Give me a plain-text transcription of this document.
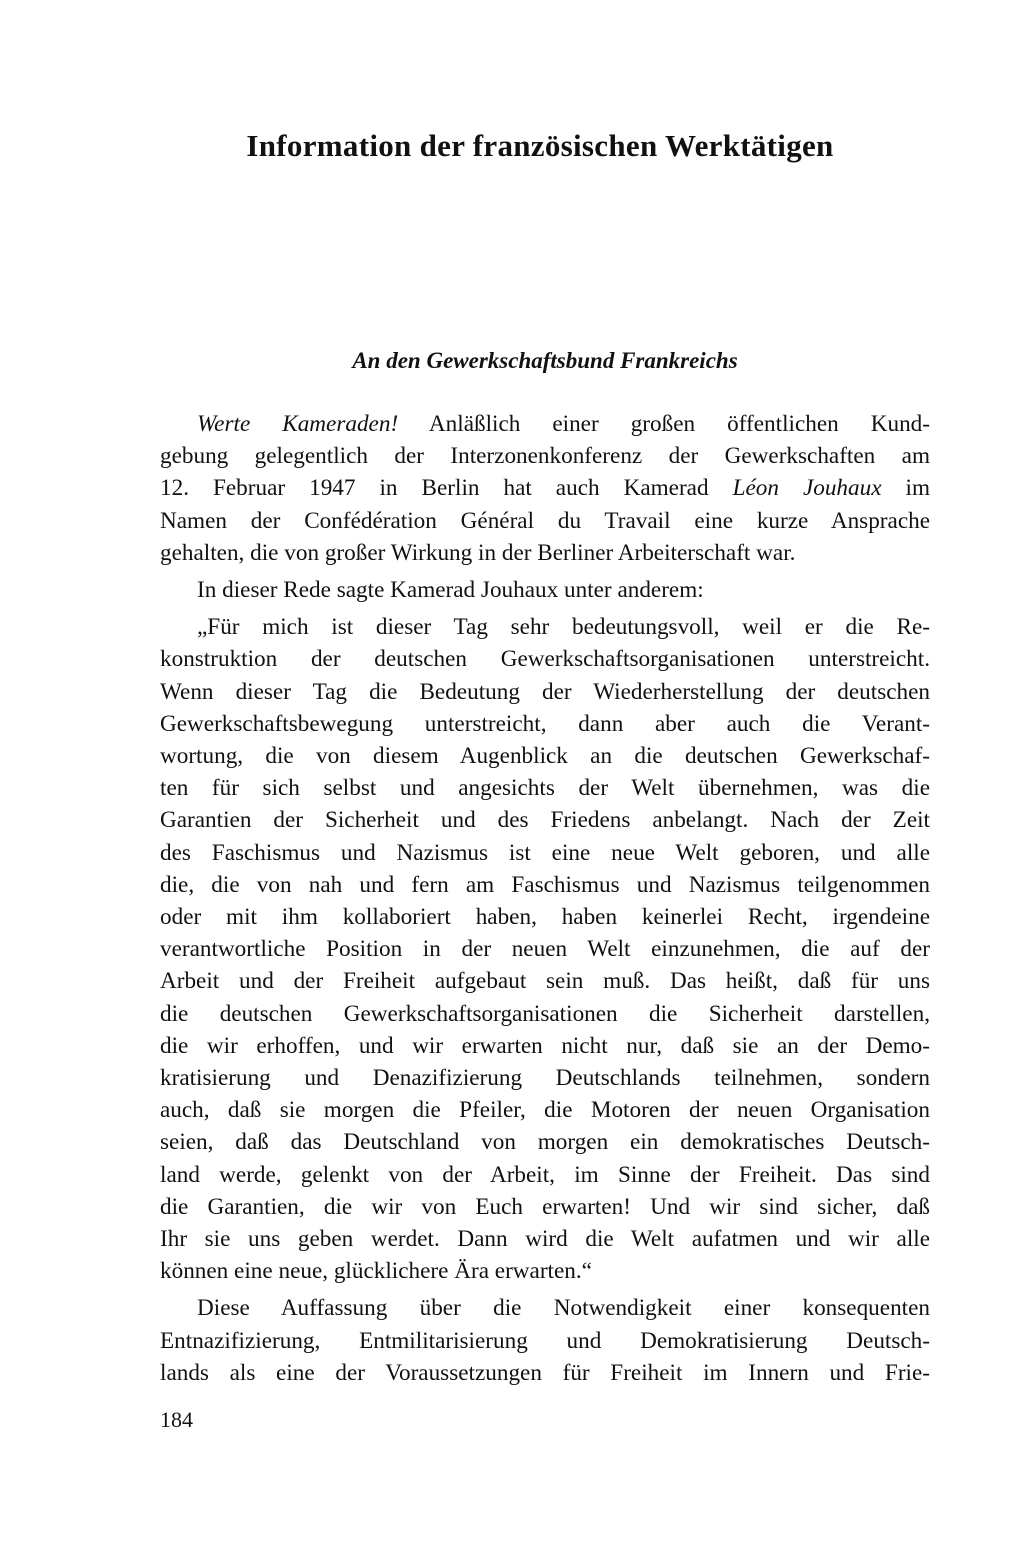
Information der französischen Werktätigen
An den Gewerkschaftsbund Frankreichs

Werte Kameraden! Anläßlich einer großen öffentlichen Kund-
gebung gelegentlich der Interzonenkonferenz der Gewerkschaften am
12. Februar 1947 in Berlin hat auch Kamerad Léon Jouhaux im
Namen der Confédération Général du Travail eine kurze Ansprache
gehalten, die von großer Wirkung in der Berliner Arbeiterschaft war.

In dieser Rede sagte Kamerad Jouhaux unter anderem:

„Für mich ist dieser Tag sehr bedeutungsvoll, weil er die Re-
konstruktion der deutschen Gewerkschaftsorganisationen unterstreicht.
Wenn dieser Tag die Bedeutung der Wiederherstellung der deutschen
Gewerkschaftsbewegung unterstreicht, dann aber auch die Verant-
wortung, die von diesem Augenblick an die deutschen Gewerkschaf-
ten für sich selbst und angesichts der Welt übernehmen, was die
Garantien der Sicherheit und des Friedens anbelangt. Nach der Zeit
des Faschismus und Nazismus ist eine neue Welt geboren, und alle
die, die von nah und fern am Faschismus und Nazismus teilgenommen
oder mit ihm kollaboriert haben, haben keinerlei Recht, irgendeine
verantwortliche Position in der neuen Welt einzunehmen, die auf der
Arbeit und der Freiheit aufgebaut sein muß. Das heißt, daß für uns
die deutschen Gewerkschaftsorganisationen die Sicherheit darstellen,
die wir erhoffen, und wir erwarten nicht nur, daß sie an der Demo-
kratisierung und Denazifizierung Deutschlands teilnehmen, sondern
auch, daß sie morgen die Pfeiler, die Motoren der neuen Organisation
seien, daß das Deutschland von morgen ein demokratisches Deutsch-
land werde, gelenkt von der Arbeit, im Sinne der Freiheit. Das sind
die Garantien, die wir von Euch erwarten! Und wir sind sicher, daß
Ihr sie uns geben werdet. Dann wird die Welt aufatmen und wir alle
können eine neue, glücklichere Ära erwarten.“

Diese Auffassung über die Notwendigkeit einer konsequenten
Entnazifizierung, Entmilitarisierung und Demokratisierung Deutsch-
lands als eine der Voraussetzungen für Freiheit im Innern und Frie-

184
